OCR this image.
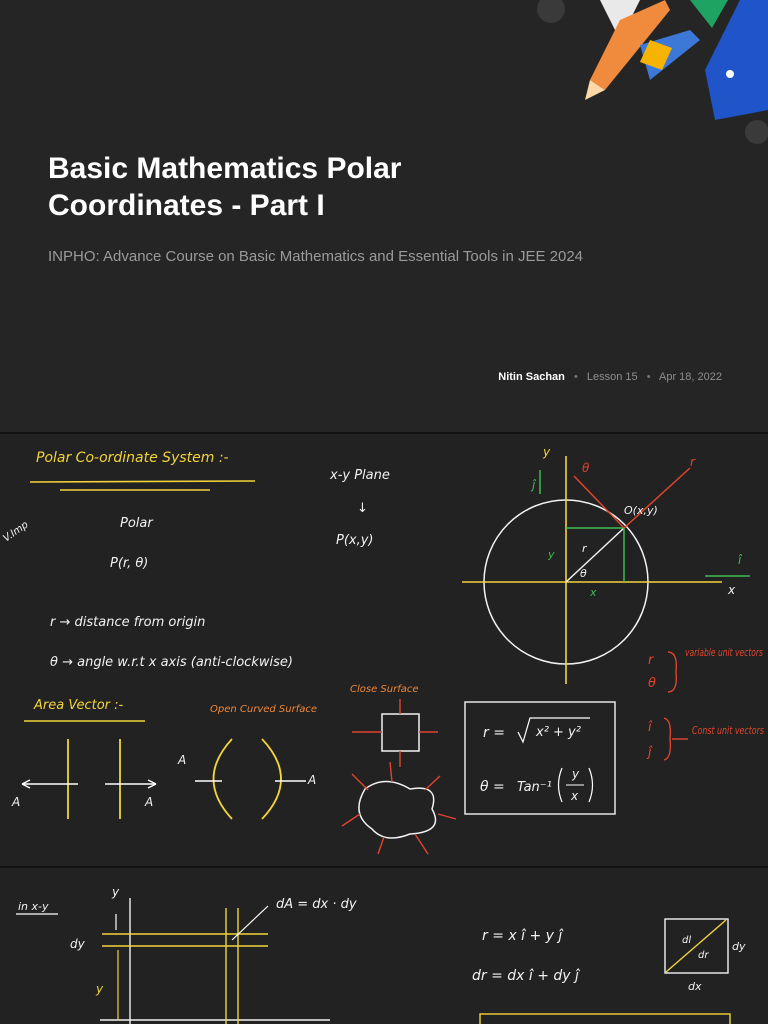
Basic Mathematics Polar Coordinates - Part I
INPHO: Advance Course on Basic Mathematics and Essential Tools in JEE 2024
Nitin Sachan • Lesson 15 • Apr 18, 2022
Polar Co-ordinate System :-
V.Imp	Polar
P(r, θ)
x-y Plane
↓
P(x,y)
r → distance from origin
θ → angle w.r.t x axis (anti-clockwise)
Area Vector :-	Open Curved Surface
Close Surface
A	A
A
A
r = x² + y²
θ = Tan⁻¹
y
x
x
y
r
θ
O(x,y)
r
θ
y
x
ĵ
î
r
θ
variable unit vectors
î
ĵ
Const unit vectors
in x-y
y
dy
y
dA = dx · dy
r = x î + y ĵ
dr = dx î + dy ĵ
dl
dr
dy
dx
